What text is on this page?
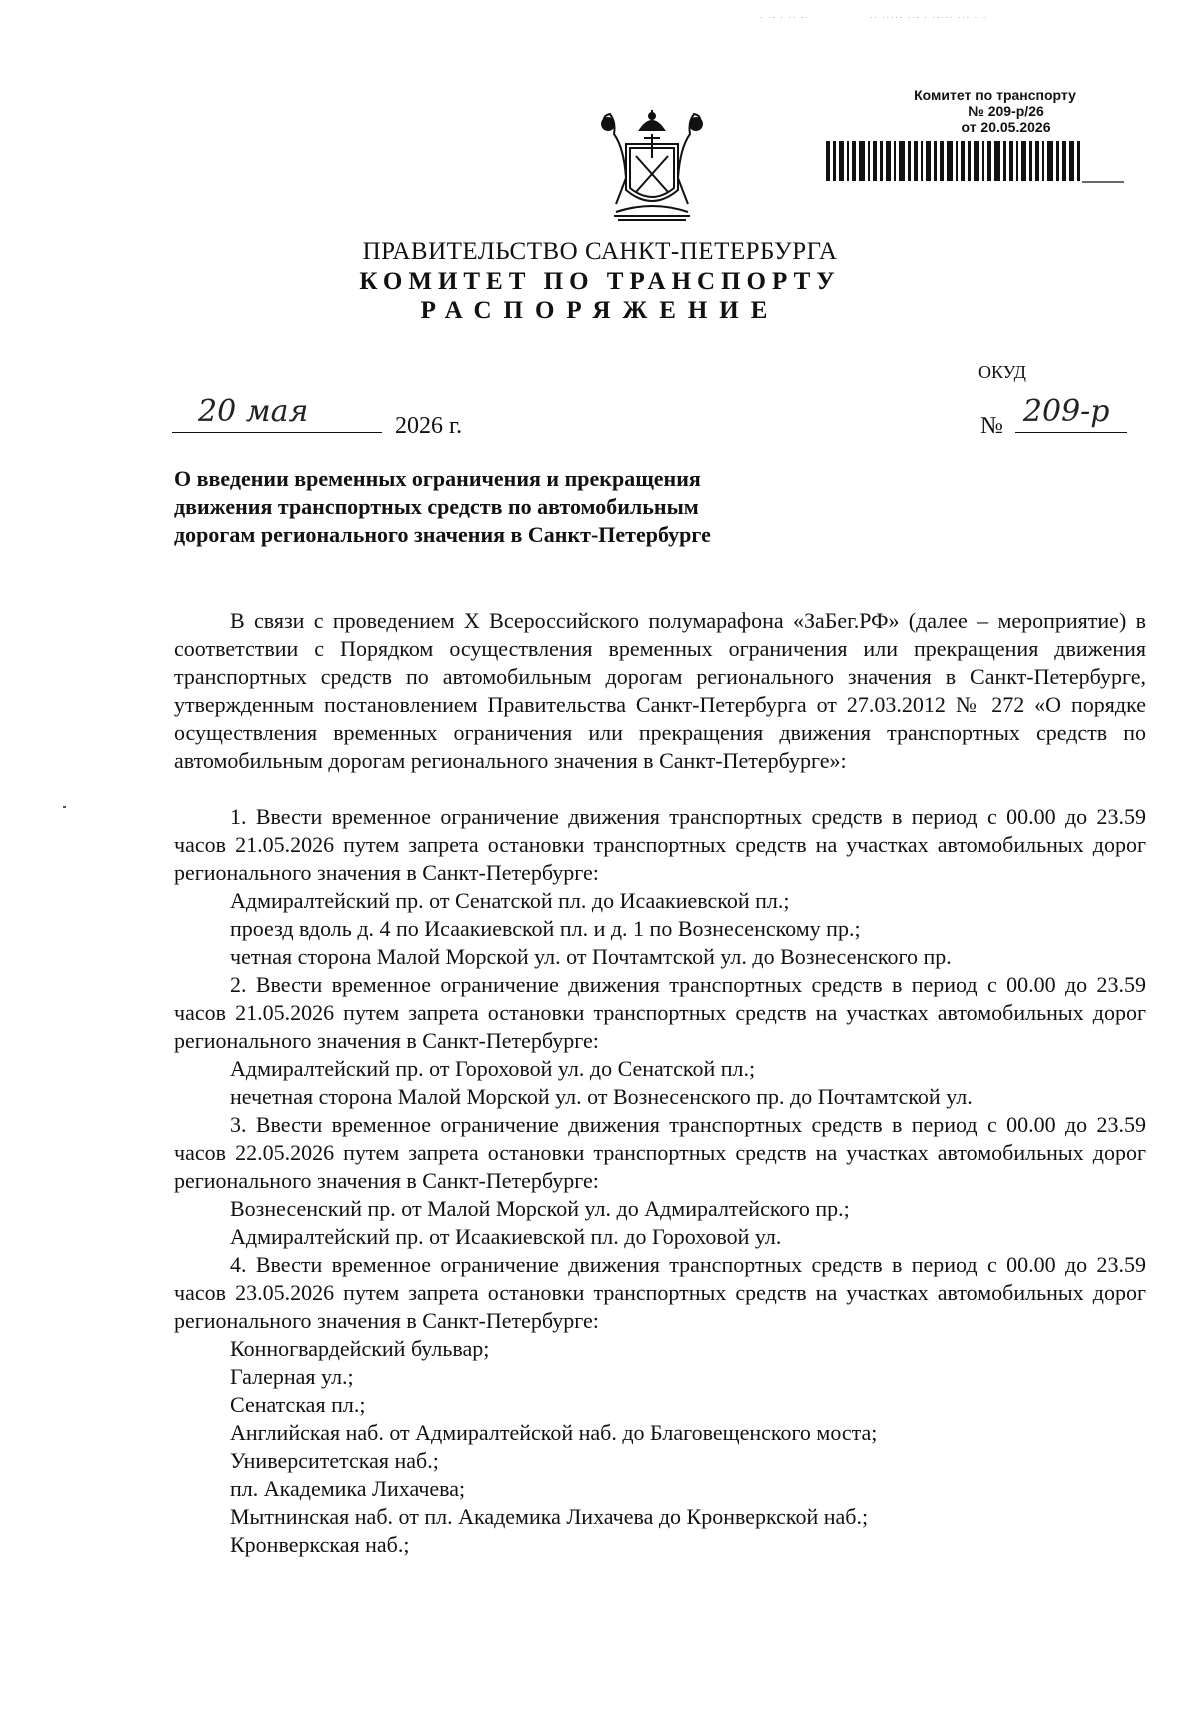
· ·· · ·· ··	·· ····· ··· · ····· ··· · ·
Комитет по транспорту
№ 209-р/26
от 20.05.2026
ПРАВИТЕЛЬСТВО САНКТ-ПЕТЕРБУРГА
КОМИТЕТ ПО ТРАНСПОРТУ
РАСПОРЯЖЕНИЕ
ОКУД
20 мая	2026 г.	№ 209-р
О введении временных ограничения и прекращения движения транспортных средств по автомобильным дорогам регионального значения в Санкт-Петербурге

В связи с проведением X Всероссийского полумарафона «ЗаБег.РФ» (далее – мероприятие) в соответствии с Порядком осуществления временных ограничения или прекращения движения транспортных средств по автомобильным дорогам регионального значения в Санкт-Петербурге, утвержденным постановлением Правительства Санкт-Петербурга от 27.03.2012 № 272 «О порядке осуществления временных ограничения или прекращения движения транспортных средств по автомобильным дорогам регионального значения в Санкт-Петербурге»:

1. Ввести временное ограничение движения транспортных средств в период с 00.00 до 23.59 часов 21.05.2026 путем запрета остановки транспортных средств на участках автомобильных дорог регионального значения в Санкт-Петербурге:

Адмиралтейский пр. от Сенатской пл. до Исаакиевской пл.;

проезд вдоль д. 4 по Исаакиевской пл. и д. 1 по Вознесенскому пр.;

четная сторона Малой Морской ул. от Почтамтской ул. до Вознесенского пр.

2. Ввести временное ограничение движения транспортных средств в период с 00.00 до 23.59 часов 21.05.2026 путем запрета остановки транспортных средств на участках автомобильных дорог регионального значения в Санкт-Петербурге:

Адмиралтейский пр. от Гороховой ул. до Сенатской пл.;

нечетная сторона Малой Морской ул. от Вознесенского пр. до Почтамтской ул.

3. Ввести временное ограничение движения транспортных средств в период с 00.00 до 23.59 часов 22.05.2026 путем запрета остановки транспортных средств на участках автомобильных дорог регионального значения в Санкт-Петербурге:

Вознесенский пр. от Малой Морской ул. до Адмиралтейского пр.;

Адмиралтейский пр. от Исаакиевской пл. до Гороховой ул.

4. Ввести временное ограничение движения транспортных средств в период с 00.00 до 23.59 часов 23.05.2026 путем запрета остановки транспортных средств на участках автомобильных дорог регионального значения в Санкт-Петербурге:

Конногвардейский бульвар;

Галерная ул.;

Сенатская пл.;

Английская наб. от Адмиралтейской наб. до Благовещенского моста;

Университетская наб.;

пл. Академика Лихачева;

Мытнинская наб. от пл. Академика Лихачева до Кронверкской наб.;

Кронверкская наб.;
